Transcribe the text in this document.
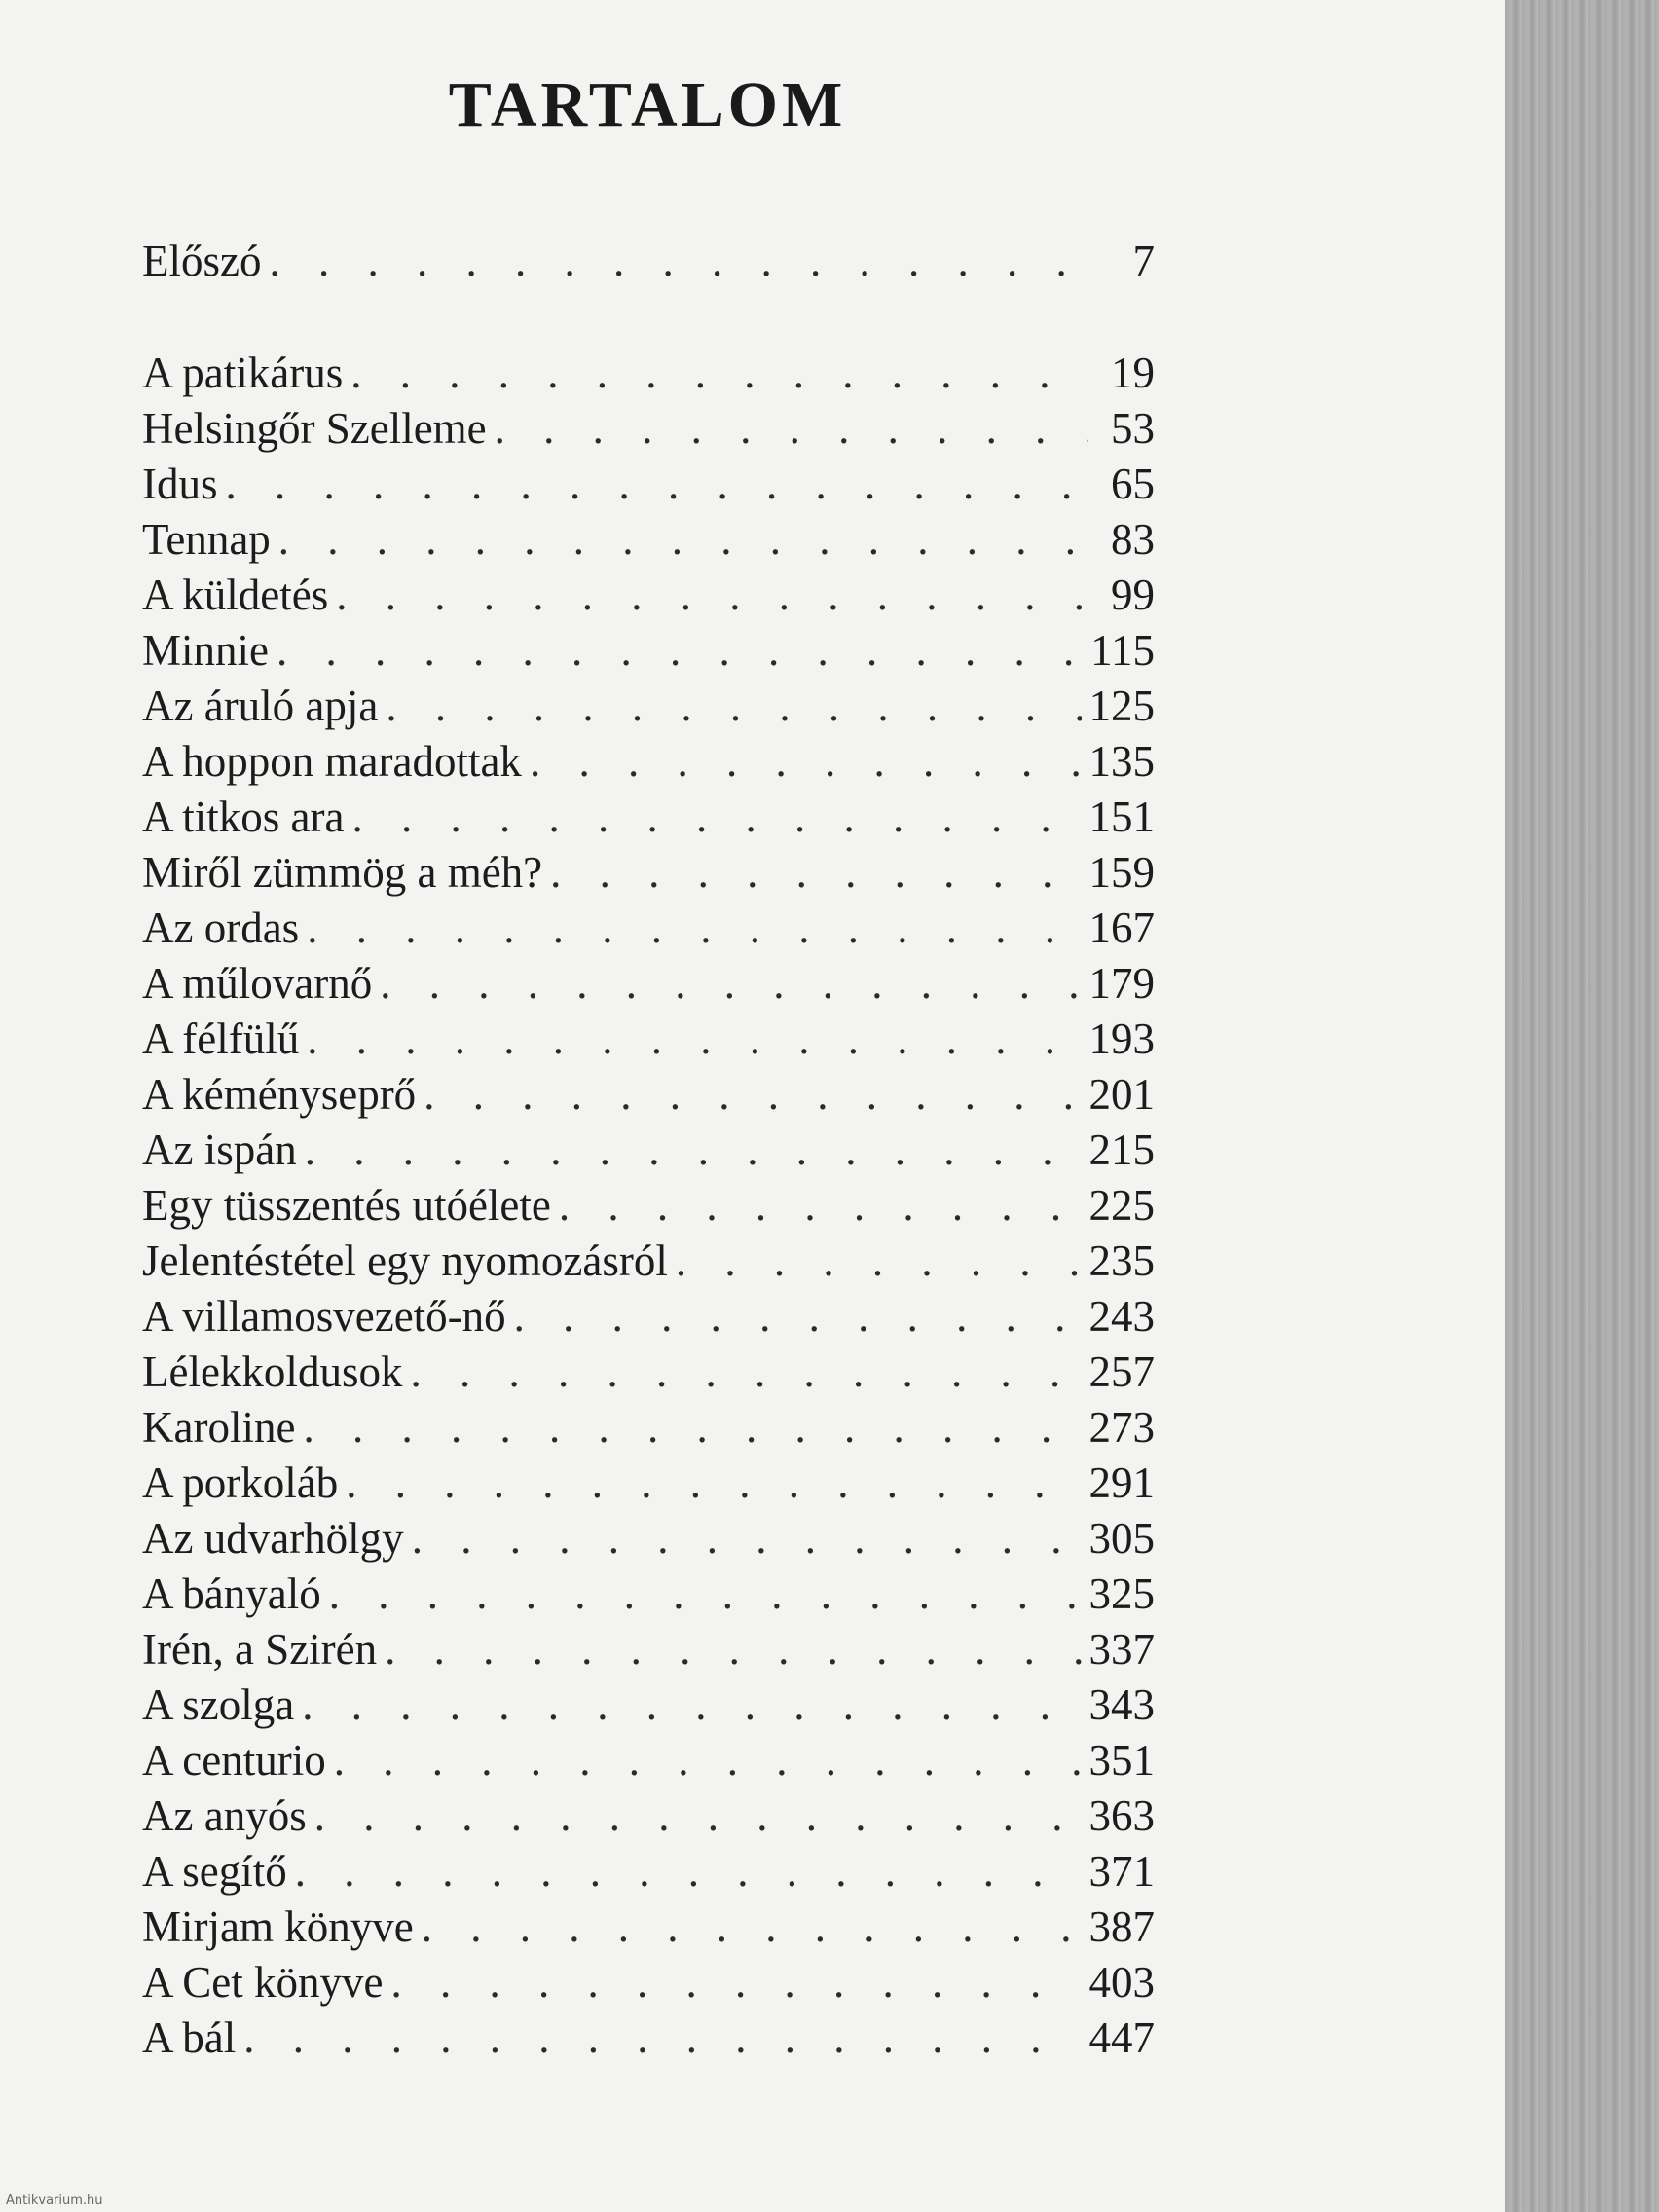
TARTALOM
Előszó . . .	7
A patikárus . . .	19
Helsingőr Szelleme . . .	53
Idus . . .	65
Tennap . . .	83
A küldetés . . .	99
Minnie . . .	115
Az áruló apja . . .	125
A hoppon maradottak . . .	135
A titkos ara . . .	151
Miről zümmög a méh? . . .	159
Az ordas . . .	167
A műlovarnő . . .	179
A félfülű . . .	193
A kéményseprő . . .	201
Az ispán . . .	215
Egy tüsszentés utóélete . . .	225
Jelentéstétel egy nyomozásról . . .	235
A villamosvezető-nő . . .	243
Lélekkoldusok . . .	257
Karoline . . .	273
A porkoláb . . .	291
Az udvarhölgy . . .	305
A bányaló . . .	325
Irén, a Szirén . . .	337
A szolga . . .	343
A centurio . . .	351
Az anyós . . .	363
A segítő . . .	371
Mirjam könyve . . .	387
A Cet könyve . . .	403
A bál . . .	447
Antikvarium.hu
